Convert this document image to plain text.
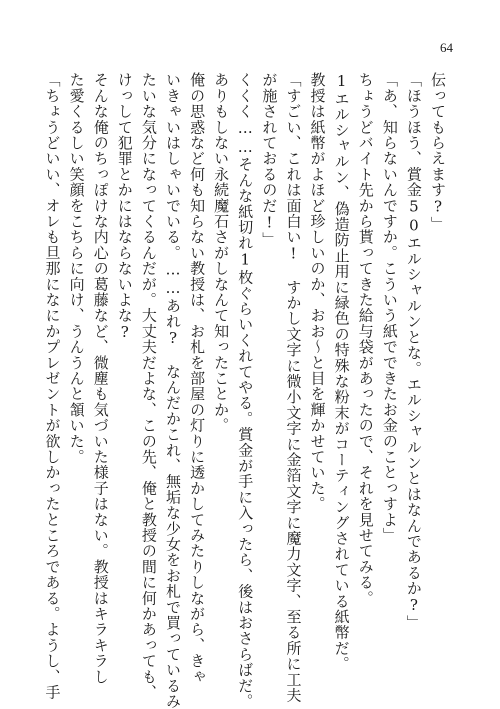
64
伝ってもらえます?」
「ほうほう、賞金50エルシャルンとな。エルシャルンとはなんであるか?」
「あ、知らないんですか。こういう紙でできたお金のことっすよ」
ちょうどバイト先から貰ってきた給与袋があったので、それを見せてみる。
1エルシャルン、偽造防止用に緑色の特殊な粉末がコーティングされている紙幣だ。
教授は紙幣がよほど珍しいのか、おお〜と目を輝かせていた。
「すごい、これは面白い!　すかし文字に微小文字に金箔文字に魔力文字、至る所に工夫
が施されておるのだ!」
くくく……そんな紙切れ1枚ぐらいくれてやる。賞金が手に入ったら、後はおさらばだ。
ありもしない永続魔石さがしなんて知ったことか。
俺の思惑など何も知らない教授は、お札を部屋の灯りに透かしてみたりしながら、きゃ
いきゃいはしゃいでいる。……あれ?　なんだかこれ、無垢な少女をお札で買っているみ
たいな気分になってくるんだが。大丈夫だよな、この先、俺と教授の間に何かあっても、
けっして犯罪とかにはならないよな?
そんな俺のちっぽけな内心の葛藤など、微塵も気づいた様子はない。教授はキラキラし
た愛くるしい笑顔をこちらに向け、うんうんと頷いた。
「ちょうどいい、オレも旦那になにかプレゼントが欲しかったところである。ようし、手
